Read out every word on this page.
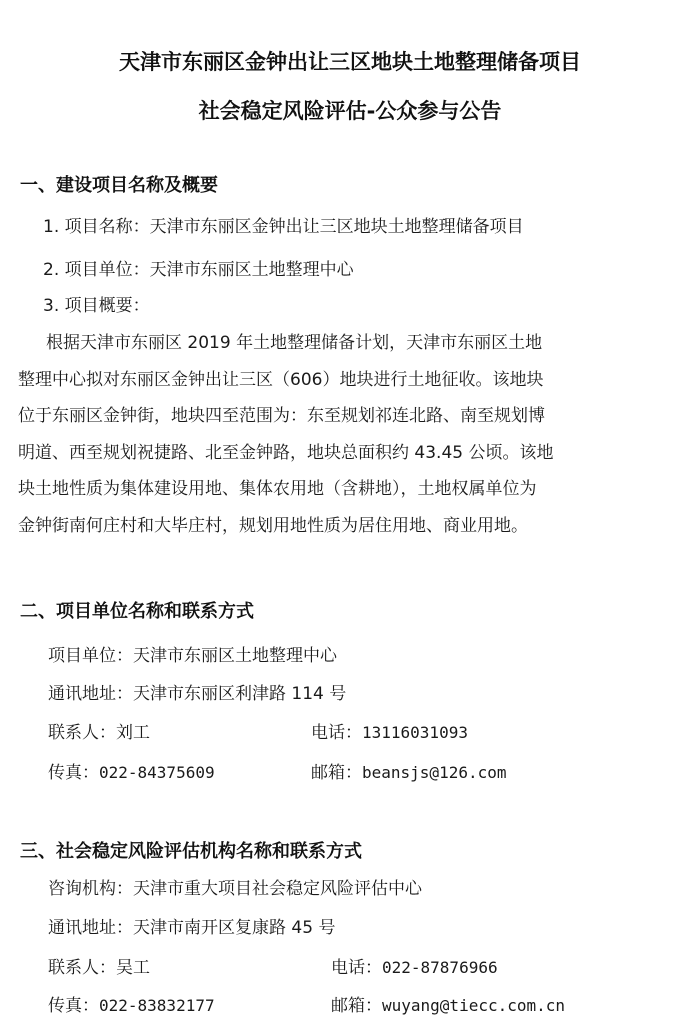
天津市东丽区金钟出让三区地块土地整理储备项目
社会稳定风险评估-公众参与公告
一、建设项目名称及概要
1. 项目名称：天津市东丽区金钟出让三区地块土地整理储备项目
2. 项目单位：天津市东丽区土地整理中心
3. 项目概要：
根据天津市东丽区 2019 年土地整理储备计划，天津市东丽区土地
整理中心拟对东丽区金钟出让三区（606）地块进行土地征收。该地块
位于东丽区金钟街，地块四至范围为：东至规划祁连北路、南至规划博
明道、西至规划祝捷路、北至金钟路，地块总面积约 43.45 公顷。该地
块土地性质为集体建设用地、集体农用地（含耕地），土地权属单位为
金钟街南何庄村和大毕庄村，规划用地性质为居住用地、商业用地。
二、项目单位名称和联系方式
项目单位：天津市东丽区土地整理中心
通讯地址：天津市东丽区利津路 114 号
联系人：刘工	电话：13116031093
传真：022-84375609	邮箱：beansjs@126.com
三、社会稳定风险评估机构名称和联系方式
咨询机构：天津市重大项目社会稳定风险评估中心
通讯地址：天津市南开区复康路 45 号
联系人：吴工	电话：022-87876966
传真：022-83832177	邮箱：wuyang@tiecc.com.cn
